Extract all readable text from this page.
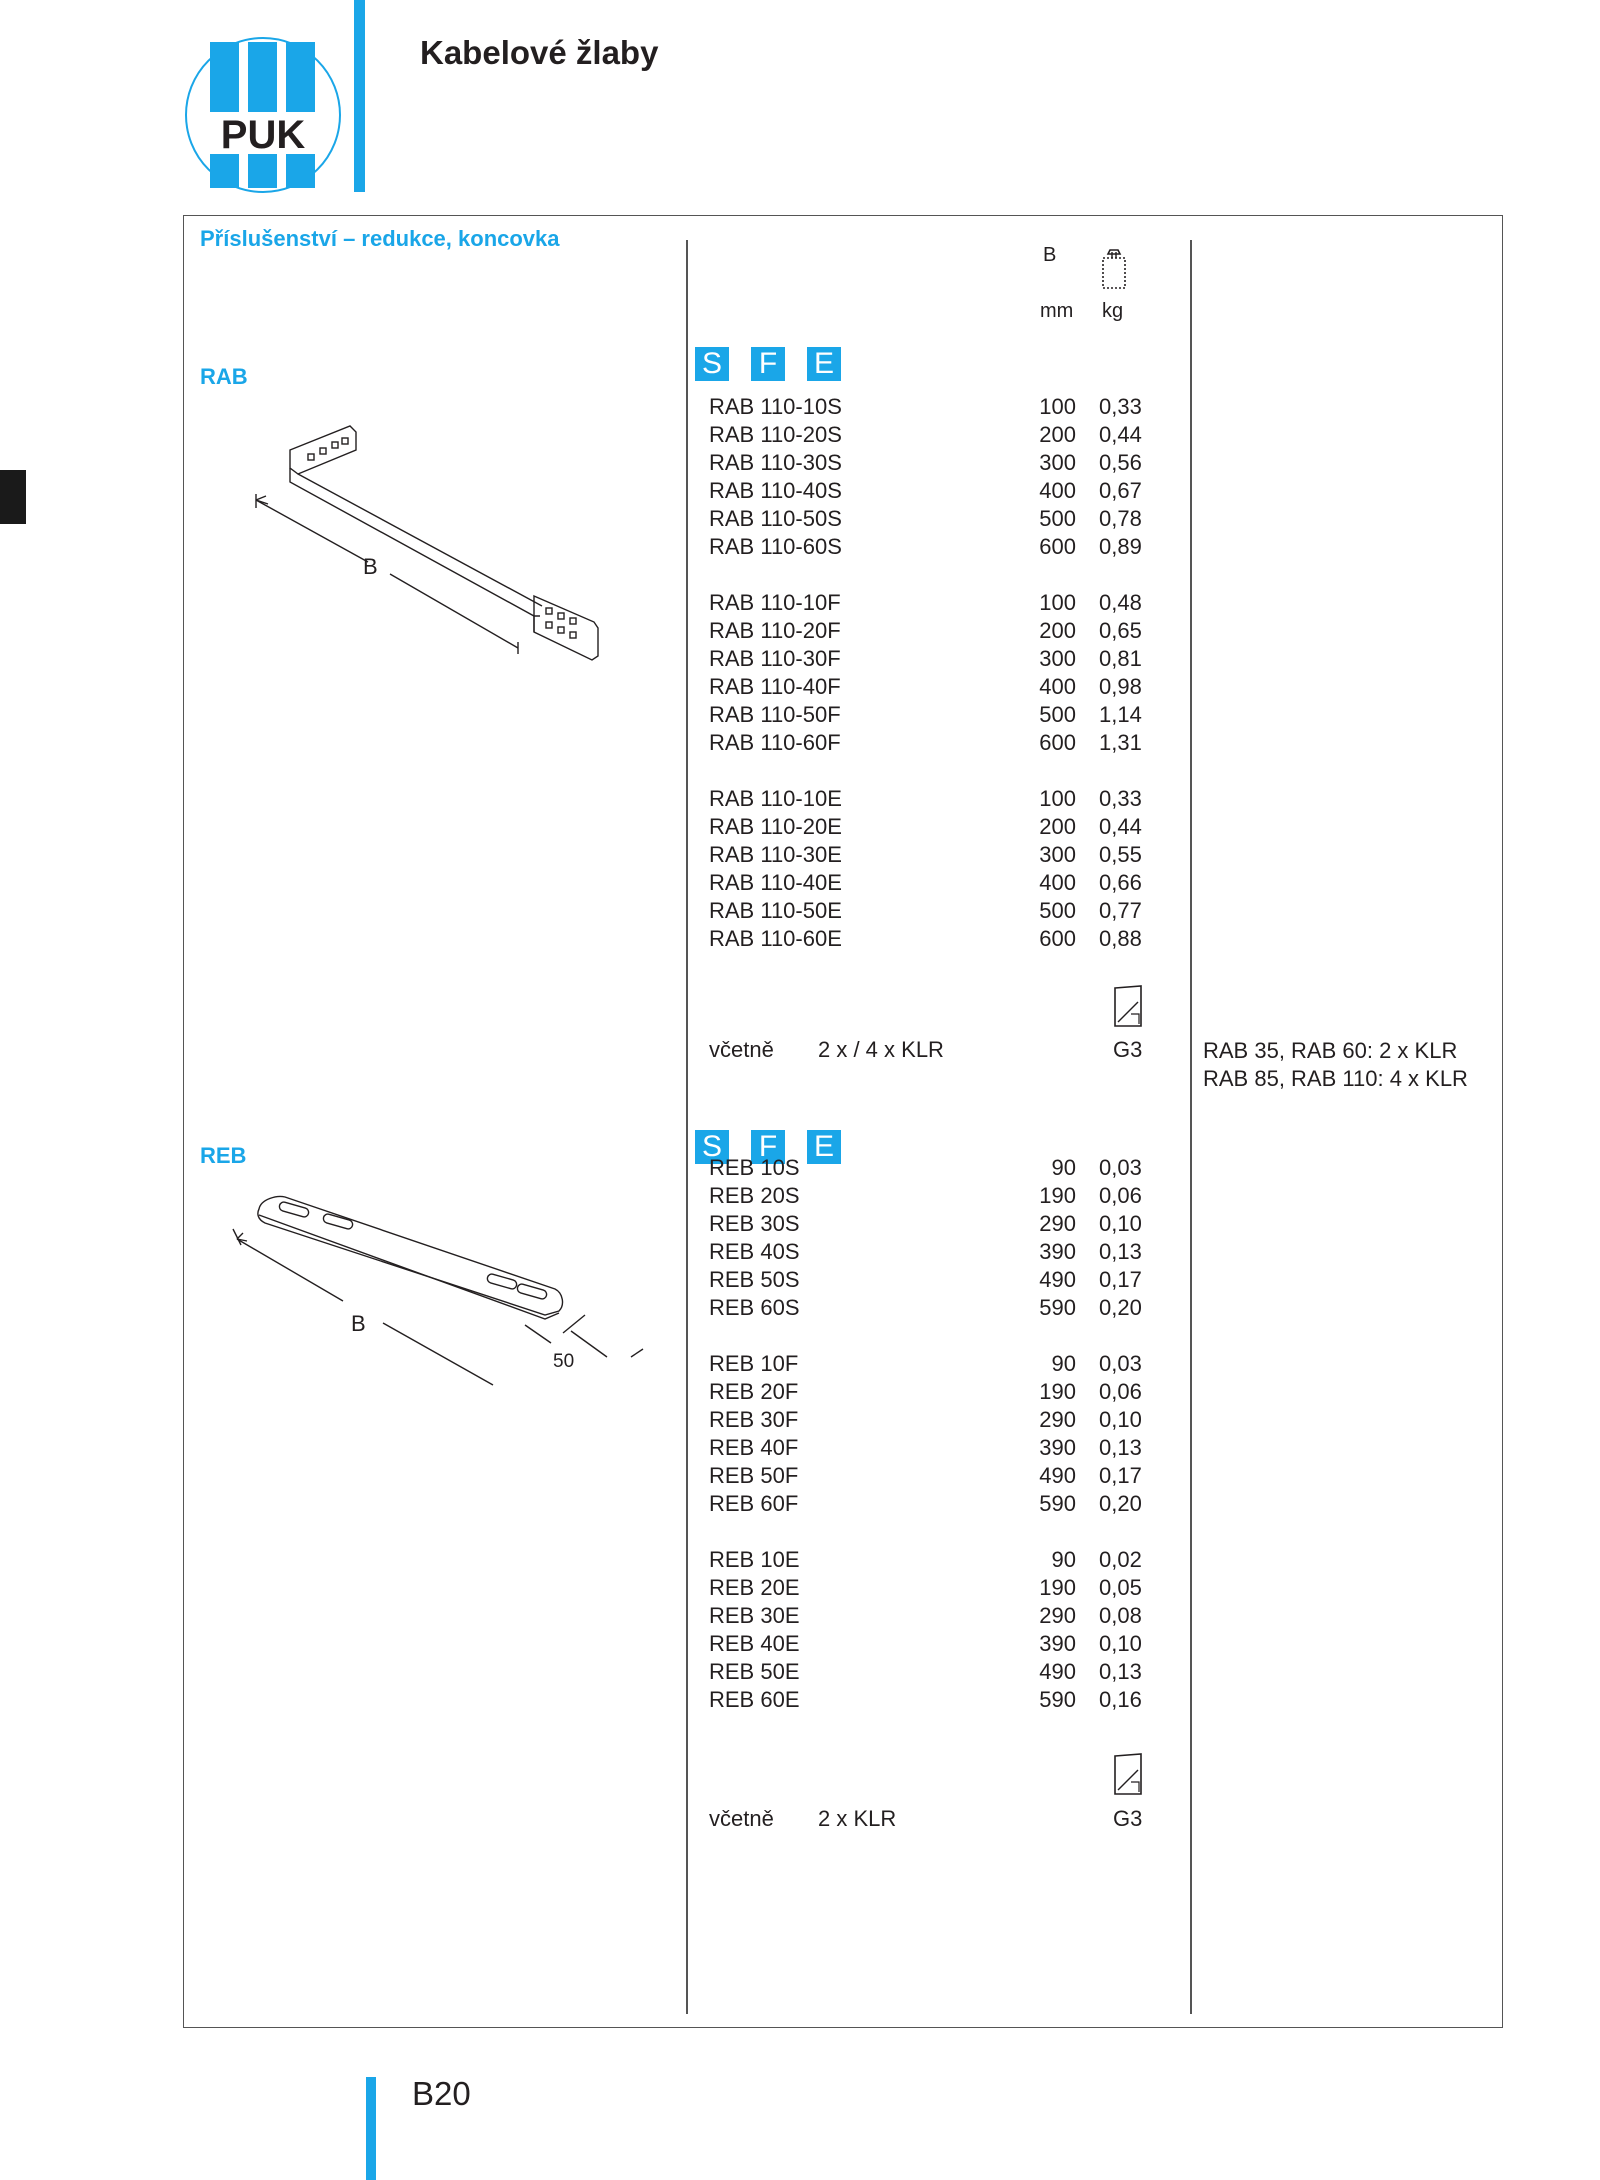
PUK
Kabelové žlaby
Příslušenství – redukce, koncovka
B
mm kg
RAB
B
S F E
RAB 110-10S	100 0,33
RAB 110-20S	200 0,44
RAB 110-30S	300 0,56
RAB 110-40S	400 0,67
RAB 110-50S	500 0,78
RAB 110-60S	600 0,89
RAB 110-10F	100 0,48
RAB 110-20F	200 0,65
RAB 110-30F	300 0,81
RAB 110-40F	400 0,98
RAB 110-50F	500 1,14
RAB 110-60F	600 1,31
RAB 110-10E	100 0,33
RAB 110-20E	200 0,44
RAB 110-30E	300 0,55
RAB 110-40E	400 0,66
RAB 110-50E	500 0,77
RAB 110-60E	600 0,88
včetně 2 x / 4 x KLR	G3	RAB 35, RAB 60: 2 x KLR
RAB 85, RAB 110: 4 x KLR
REB
B
50
S F E
REB 10S	90 0,03
REB 20S	190 0,06
REB 30S	290 0,10
REB 40S	390 0,13
REB 50S	490 0,17
REB 60S	590 0,20
REB 10F	90 0,03
REB 20F	190 0,06
REB 30F	290 0,10
REB 40F	390 0,13
REB 50F	490 0,17
REB 60F	590 0,20
REB 10E	90 0,02
REB 20E	190 0,05
REB 30E	290 0,08
REB 40E	390 0,10
REB 50E	490 0,13
REB 60E	590 0,16
včetně 2 x KLR	G3
B20
